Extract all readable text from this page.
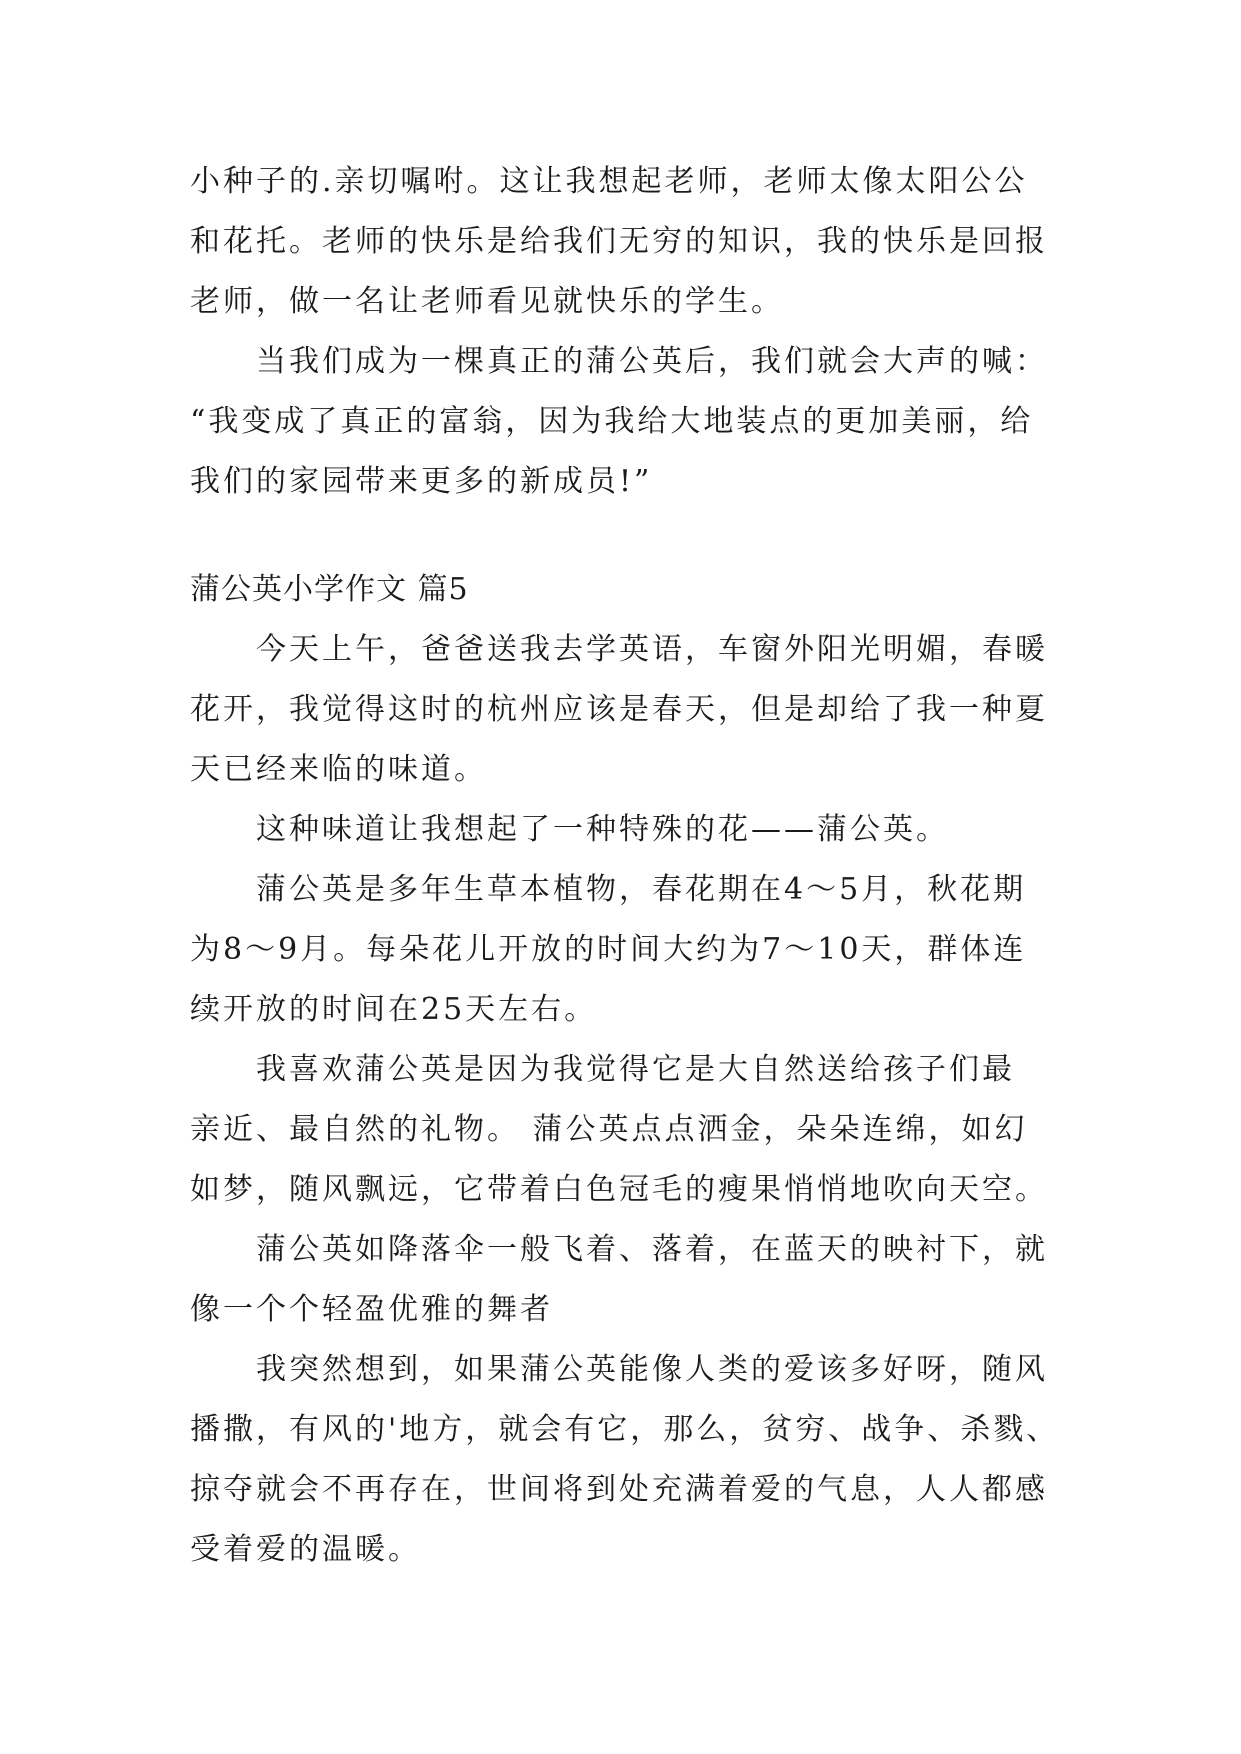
小种子的.亲切嘱咐。这让我想起老师，老师太像太阳公公
和花托。老师的快乐是给我们无穷的知识，我的快乐是回报
老师，做一名让老师看见就快乐的学生。
当我们成为一棵真正的蒲公英后，我们就会大声的喊：
“我变成了真正的富翁，因为我给大地装点的更加美丽，给
我们的家园带来更多的新成员!”
蒲公英小学作文 篇5
今天上午，爸爸送我去学英语，车窗外阳光明媚，春暖
花开，我觉得这时的杭州应该是春天，但是却给了我一种夏
天已经来临的味道。
这种味道让我想起了一种特殊的花——蒲公英。
蒲公英是多年生草本植物，春花期在4～5月，秋花期
为8～9月。每朵花儿开放的时间大约为7～10天，群体连
续开放的时间在25天左右。
我喜欢蒲公英是因为我觉得它是大自然送给孩子们最
亲近、最自然的礼物。 蒲公英点点洒金，朵朵连绵，如幻
如梦，随风飘远，它带着白色冠毛的瘦果悄悄地吹向天空。
蒲公英如降落伞一般飞着、落着，在蓝天的映衬下，就
像一个个轻盈优雅的舞者
我突然想到，如果蒲公英能像人类的爱该多好呀，随风
播撒，有风的'地方，就会有它，那么，贫穷、战争、杀戮、
掠夺就会不再存在，世间将到处充满着爱的气息，人人都感
受着爱的温暖。
